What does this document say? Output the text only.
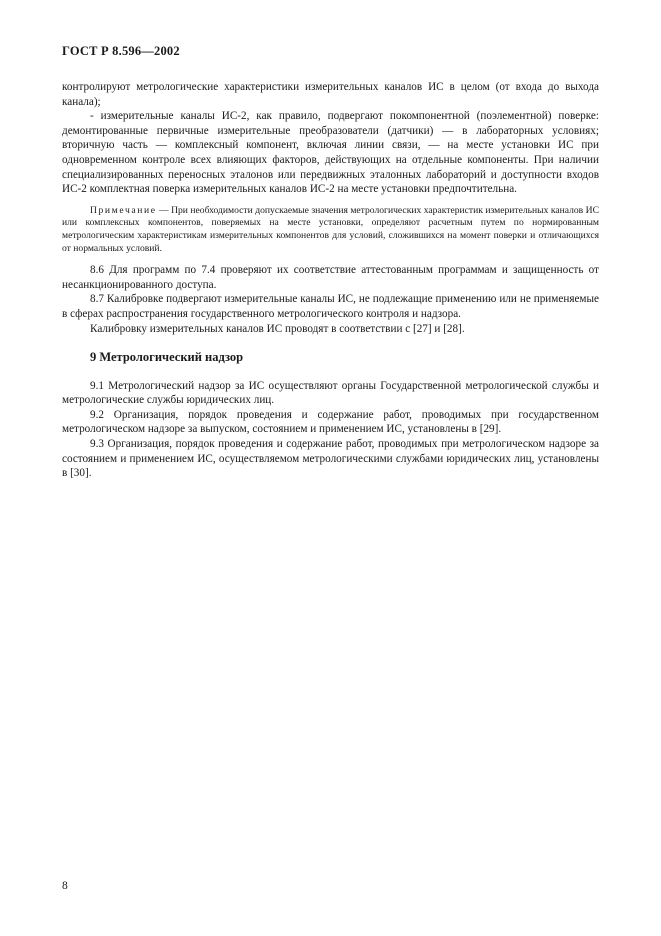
ГОСТ Р 8.596—2002

контролируют метрологические характеристики измерительных каналов ИС в целом (от входа до выхода канала);

- измерительные каналы ИС-2, как правило, подвергают покомпонентной (поэлементной) поверке: демонтированные первичные измерительные преобразователи (датчики) — в лабораторных условиях; вторичную часть — комплексный компонент, включая линии связи, — на месте установки ИС при одновременном контроле всех влияющих факторов, действующих на отдельные компоненты. При наличии специализированных переносных эталонов или передвижных эталонных лабораторий и доступности входов ИС-2 комплектная поверка измерительных каналов ИС-2 на месте установки предпочтительна.

Примечание — При необходимости допускаемые значения метрологических характеристик измерительных каналов ИС или комплексных компонентов, поверяемых на месте установки, определяют расчетным путем по нормированным метрологическим характеристикам измерительных компонентов для условий, сложившихся на момент поверки и отличающихся от нормальных условий.

8.6 Для программ по 7.4 проверяют их соответствие аттестованным программам и защищенность от несанкционированного доступа.

8.7 Калибровке подвергают измерительные каналы ИС, не подлежащие применению или не применяемые в сферах распространения государственного метрологического контроля и надзора.

Калибровку измерительных каналов ИС проводят в соответствии с [27] и [28].

9 Метрологический надзор

9.1 Метрологический надзор за ИС осуществляют органы Государственной метрологической службы и метрологические службы юридических лиц.

9.2 Организация, порядок проведения и содержание работ, проводимых при государственном метрологическом надзоре за выпуском, состоянием и применением ИС, установлены в [29].

9.3 Организация, порядок проведения и содержание работ, проводимых при метрологическом надзоре за состоянием и применением ИС, осуществляемом метрологическими службами юридических лиц, установлены в [30].

8
